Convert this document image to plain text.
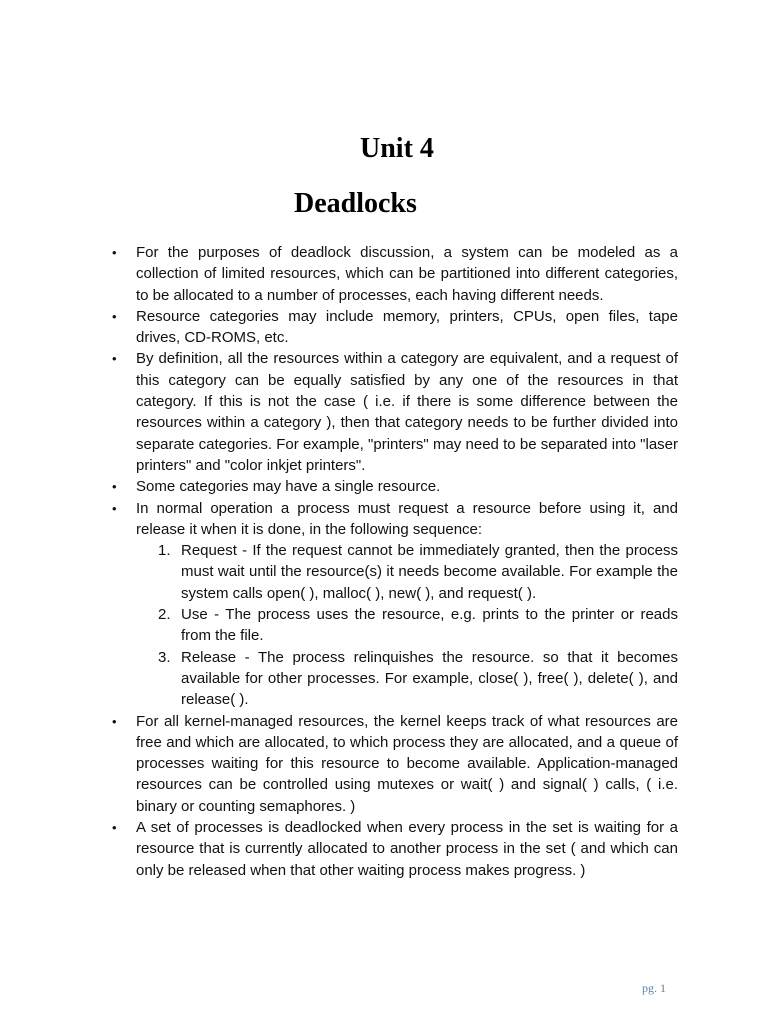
Unit 4
Deadlocks
• For the purposes of deadlock discussion, a system can be modeled as a collection of limited resources, which can be partitioned into different categories, to be allocated to a number of processes, each having different needs.
• Resource categories may include memory, printers, CPUs, open files, tape drives, CD-ROMS, etc.
• By definition, all the resources within a category are equivalent, and a request of this category can be equally satisfied by any one of the resources in that category. If this is not the case ( i.e. if there is some difference between the resources within a category ), then that category needs to be further divided into separate categories. For example, "printers" may need to be separated into "laser printers" and "color inkjet printers".
• Some categories may have a single resource.
• In normal operation a process must request a resource before using it, and release it when it is done, in the following sequence:
1. Request - If the request cannot be immediately granted, then the process must wait until the resource(s) it needs become available. For example the system calls open( ), malloc( ), new( ), and request( ).
2. Use - The process uses the resource, e.g. prints to the printer or reads from the file.
3. Release - The process relinquishes the resource. so that it becomes available for other processes. For example, close( ), free( ), delete( ), and release( ).
• For all kernel-managed resources, the kernel keeps track of what resources are free and which are allocated, to which process they are allocated, and a queue of processes waiting for this resource to become available. Application-managed resources can be controlled using mutexes or wait( ) and signal( ) calls, ( i.e. binary or counting semaphores. )
• A set of processes is deadlocked when every process in the set is waiting for a resource that is currently allocated to another process in the set ( and which can only be released when that other waiting process makes progress. )
pg. 1
